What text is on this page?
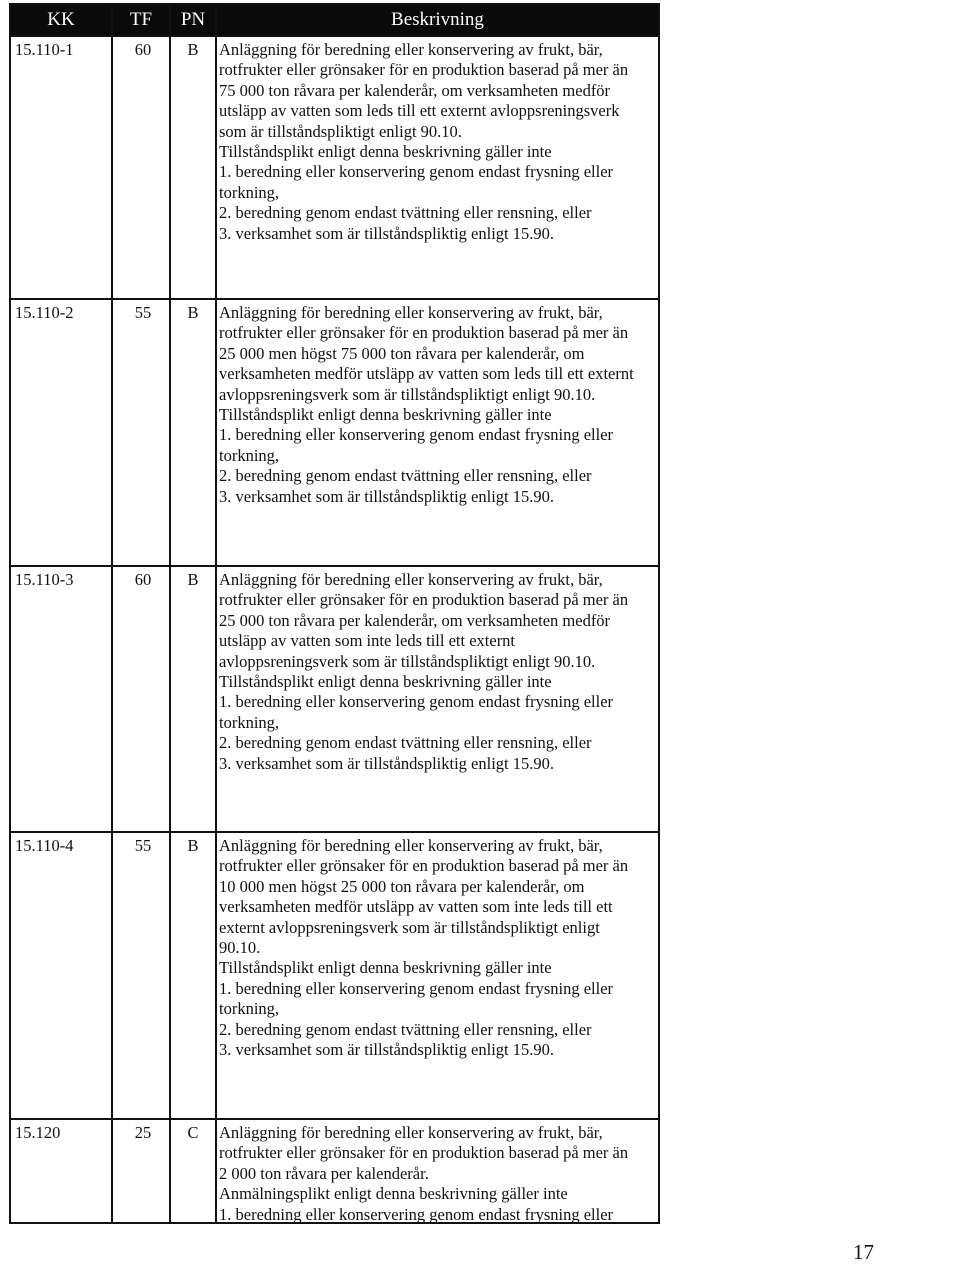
KK	TF	PN	Beskrivning
15.110-1	60	B	Anläggning för beredning eller konservering av frukt, bär,
rotfrukter eller grönsaker för en produktion baserad på mer än
75 000 ton råvara per kalenderår, om verksamheten medför
utsläpp av vatten som leds till ett externt avloppsreningsverk
som är tillståndspliktigt enligt 90.10.
Tillståndsplikt enligt denna beskrivning gäller inte
1. beredning eller konservering genom endast frysning eller
torkning,
2. beredning genom endast tvättning eller rensning, eller
3. verksamhet som är tillståndspliktig enligt 15.90.
15.110-2	55	B	Anläggning för beredning eller konservering av frukt, bär,
rotfrukter eller grönsaker för en produktion baserad på mer än
25 000 men högst 75 000 ton råvara per kalenderår, om
verksamheten medför utsläpp av vatten som leds till ett externt
avloppsreningsverk som är tillståndspliktigt enligt 90.10.
Tillståndsplikt enligt denna beskrivning gäller inte
1. beredning eller konservering genom endast frysning eller
torkning,
2. beredning genom endast tvättning eller rensning, eller
3. verksamhet som är tillståndspliktig enligt 15.90.
15.110-3	60	B	Anläggning för beredning eller konservering av frukt, bär,
rotfrukter eller grönsaker för en produktion baserad på mer än
25 000 ton råvara per kalenderår, om verksamheten medför
utsläpp av vatten som inte leds till ett externt
avloppsreningsverk som är tillståndspliktigt enligt 90.10.
Tillståndsplikt enligt denna beskrivning gäller inte
1. beredning eller konservering genom endast frysning eller
torkning,
2. beredning genom endast tvättning eller rensning, eller
3. verksamhet som är tillståndspliktig enligt 15.90.
15.110-4	55	B	Anläggning för beredning eller konservering av frukt, bär,
rotfrukter eller grönsaker för en produktion baserad på mer än
10 000 men högst 25 000 ton råvara per kalenderår, om
verksamheten medför utsläpp av vatten som inte leds till ett
externt avloppsreningsverk som är tillståndspliktigt enligt
90.10.
Tillståndsplikt enligt denna beskrivning gäller inte
1. beredning eller konservering genom endast frysning eller
torkning,
2. beredning genom endast tvättning eller rensning, eller
3. verksamhet som är tillståndspliktig enligt 15.90.
15.120	25	C	Anläggning för beredning eller konservering av frukt, bär,
rotfrukter eller grönsaker för en produktion baserad på mer än
2 000 ton råvara per kalenderår.
Anmälningsplikt enligt denna beskrivning gäller inte
1. beredning eller konservering genom endast frysning eller
17
